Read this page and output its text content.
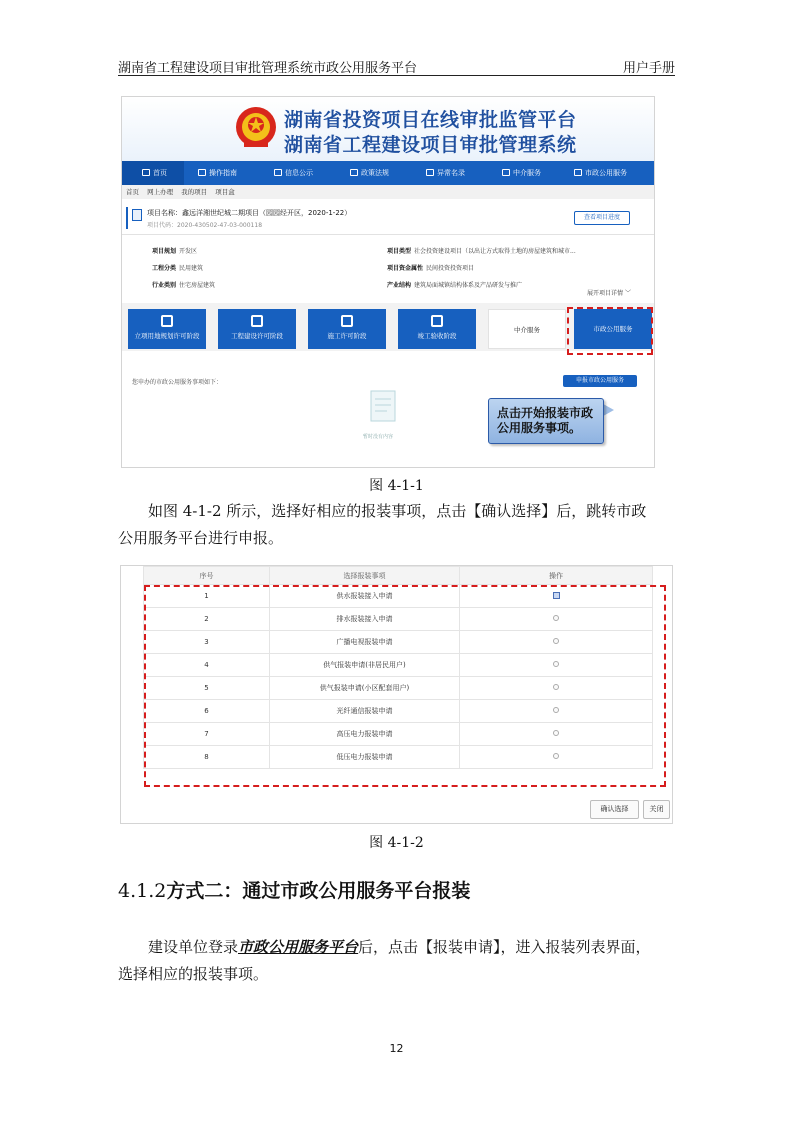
湖南省工程建设项目审批管理系统市政公用服务平台	用户手册
湖南省投资项目在线审批监管平台
湖南省工程建设项目审批管理系统
首页	操作指南	信息公示	政策法规	异常名录	中介服务	市政公用服务
首页 网上办理 我的项目 项目盒
项目名称：鑫远洋湘世纪城二期项目（园园经开区，2020-1-22）
项目代码：2020-430502-47-03-000118
查看项目进度
项目规划 开发区	项目类型 社会投资建设项目（以出让方式取得土地的房屋建筑和城市...
工程分类 民用建筑	项目资金属性 民间投资投资项目
行业类别 住宅房屋建筑	产业结构 建筑局面城镇结构体系及产品研发与推广
展开项目详情 ﹀
立项用地规划许可阶段	工程建设许可阶段	施工许可阶段	竣工验收阶段
中介服务	市政公用服务
您申办的市政公用服务事项如下：	申报市政公用服务
暂时没有内容
点击开始报装市政
公用服务事项。
图 4-1-1
如图 4-1-2 所示，选择好相应的报装事项，点击【确认选择】后，跳转市政
公用服务平台进行申报。
序号	选择报装事项	操作
1	供水报装接入申请	
2	排水报装接入申请	
3	广播电视报装申请	
4	供气报装申请(非居民用户)	
5	供气报装申请(小区配套用户)	
6	光纤通信报装申请	
7	高压电力报装申请	
8	低压电力报装申请	
确认选择	关闭
图 4-1-2
4.1.2方式二：通过市政公用服务平台报装
建设单位登录市政公用服务平台后，点击【报装申请】，进入报装列表界面，
选择相应的报装事项。
12
